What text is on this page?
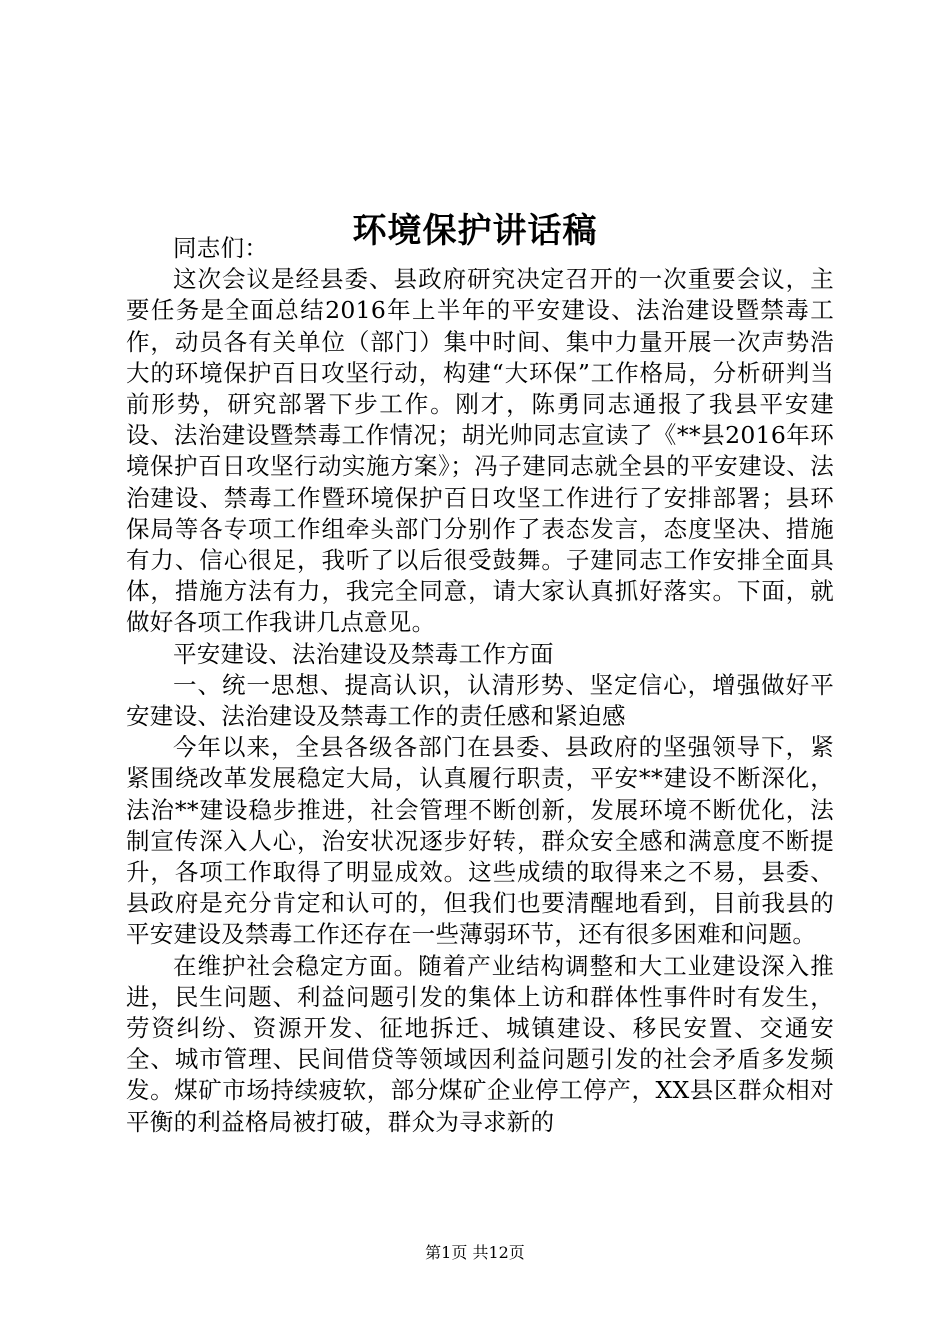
环境保护讲话稿

同志们：

这次会议是经县委、县政府研究决定召开的一次重要会议，主要任务是全面总结2016年上半年的平安建设、法治建设暨禁毒工作，动员各有关单位（部门）集中时间、集中力量开展一次声势浩大的环境保护百日攻坚行动，构建“大环保”工作格局，分析研判当前形势，研究部署下步工作。刚才，陈勇同志通报了我县平安建设、法治建设暨禁毒工作情况；胡光帅同志宣读了《**县2016年环境保护百日攻坚行动实施方案》；冯子建同志就全县的平安建设、法治建设、禁毒工作暨环境保护百日攻坚工作进行了安排部署；县环保局等各专项工作组牵头部门分别作了表态发言，态度坚决、措施有力、信心很足，我听了以后很受鼓舞。子建同志工作安排全面具体，措施方法有力，我完全同意，请大家认真抓好落实。下面，就做好各项工作我讲几点意见。

平安建设、法治建设及禁毒工作方面

一、统一思想、提高认识，认清形势、坚定信心，增强做好平安建设、法治建设及禁毒工作的责任感和紧迫感

今年以来，全县各级各部门在县委、县政府的坚强领导下，紧紧围绕改革发展稳定大局，认真履行职责，平安**建设不断深化，法治**建设稳步推进，社会管理不断创新，发展环境不断优化，法制宣传深入人心，治安状况逐步好转，群众安全感和满意度不断提升，各项工作取得了明显成效。这些成绩的取得来之不易，县委、县政府是充分肯定和认可的，但我们也要清醒地看到，目前我县的平安建设及禁毒工作还存在一些薄弱环节，还有很多困难和问题。

在维护社会稳定方面。随着产业结构调整和大工业建设深入推进，民生问题、利益问题引发的集体上访和群体性事件时有发生，劳资纠纷、资源开发、征地拆迁、城镇建设、移民安置、交通安全、城市管理、民间借贷等领域因利益问题引发的社会矛盾多发频发。煤矿市场持续疲软，部分煤矿企业停工停产，XX县区群众相对平衡的利益格局被打破，群众为寻求新的

第1页 共12页
